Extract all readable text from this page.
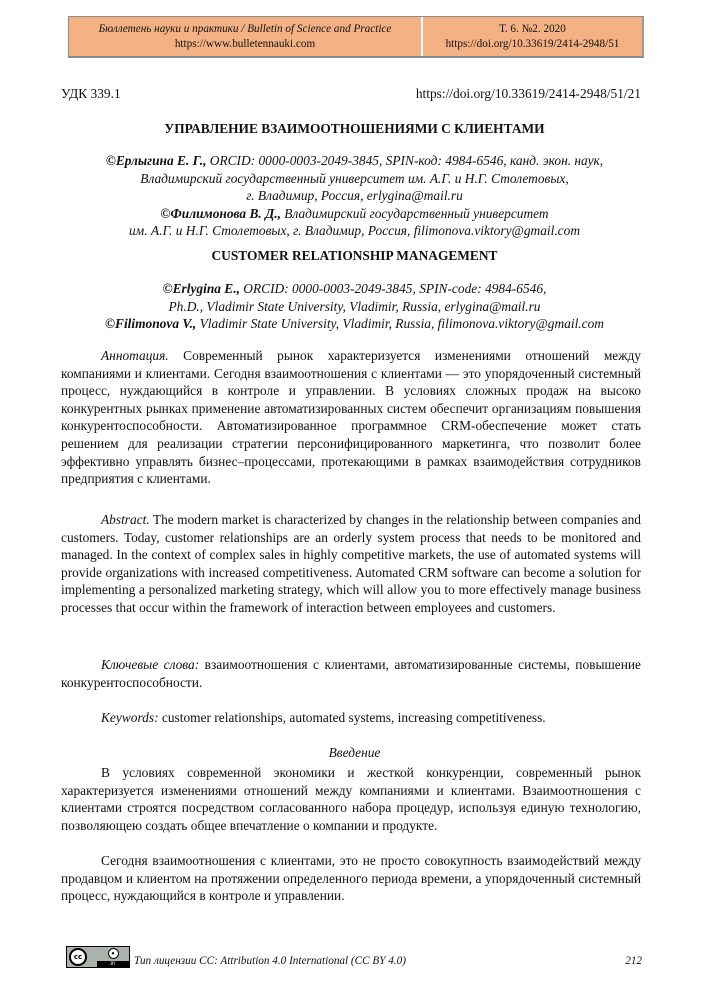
Бюллетень науки и практики / Bulletin of Science and Practice
https://www.bulletennauki.com
Т. 6. №2. 2020
https://doi.org/10.33619/2414-2948/51
УДК 339.1	https://doi.org/10.33619/2414-2948/51/21
УПРАВЛЕНИЕ ВЗАИМООТНОШЕНИЯМИ С КЛИЕНТАМИ
©Ерлыгина Е. Г., ORCID: 0000-0003-2049-3845, SPIN-код: 4984-6546, канд. экон. наук,
Владимирский государственный университет им. А.Г. и Н.Г. Столетовых,
г. Владимир, Россия, erlygina@mail.ru
©Филимонова В. Д., Владимирский государственный университет
им. А.Г. и Н.Г. Столетовых, г. Владимир, Россия, filimonova.viktory@gmail.com
CUSTOMER RELATIONSHIP MANAGEMENT
©Erlygina E., ORCID: 0000-0003-2049-3845, SPIN-code: 4984-6546,
Ph.D., Vladimir State University, Vladimir, Russia, erlygina@mail.ru
©Filimonova V., Vladimir State University, Vladimir, Russia, filimonova.viktory@gmail.com
Аннотация. Современный рынок характеризуется изменениями отношений между компаниями и клиентами. Сегодня взаимоотношения с клиентами — это упорядоченный системный процесс, нуждающийся в контроле и управлении. В условиях сложных продаж на высоко конкурентных рынках применение автоматизированных систем обеспечит организациям повышения конкурентоспособности. Автоматизированное программное CRM-обеспечение может стать решением для реализации стратегии персонифицированного маркетинга, что позволит более эффективно управлять бизнес–процессами, протекающими в рамках взаимодействия сотрудников предприятия с клиентами.
Abstract. The modern market is characterized by changes in the relationship between companies and customers. Today, customer relationships are an orderly system process that needs to be monitored and managed. In the context of complex sales in highly competitive markets, the use of automated systems will provide organizations with increased competitiveness. Automated CRM software can become a solution for implementing a personalized marketing strategy, which will allow you to more effectively manage business processes that occur within the framework of interaction between employees and customers.
Ключевые слова: взаимоотношения с клиентами, автоматизированные системы, повышение конкурентоспособности.
Keywords: customer relationships, automated systems, increasing competitiveness.
Введение
В условиях современной экономики и жесткой конкуренции, современный рынок характеризуется изменениями отношений между компаниями и клиентами. Взаимоотношения с клиентами строятся посредством согласованного набора процедур, используя единую технологию, позволяющею создать общее впечатление о компании и продукте.
Сегодня взаимоотношения с клиентами, это не просто совокупность взаимодействий между продавцом и клиентом на протяжении определенного периода времени, а упорядоченный системный процесс, нуждающийся в контроле и управлении.
cc	•
BY	Тип лицензии CC: Attribution 4.0 International (CC BY 4.0)	212
